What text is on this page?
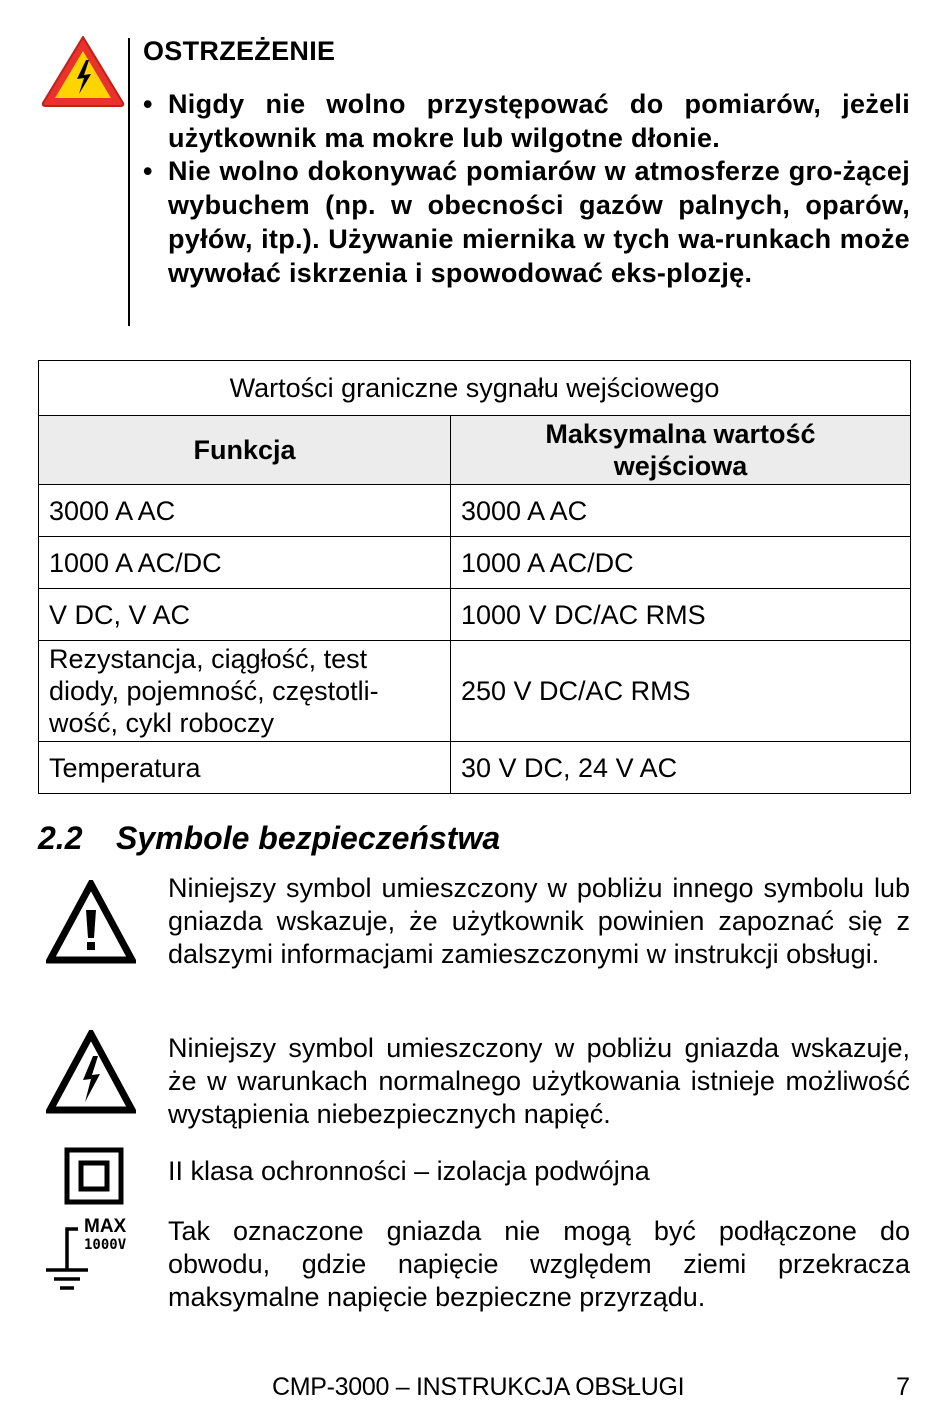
OSTRZEŻENIE
• Nigdy nie wolno przystępować do pomiarów, jeżeli użytkownik ma mokre lub wilgotne dłonie.
• Nie wolno dokonywać pomiarów w atmosferze gro-żącej wybuchem (np. w obecności gazów palnych, oparów, pyłów, itp.). Używanie miernika w tych wa-runkach może wywołać iskrzenia i spowodować eks-plozję.
Wartości graniczne sygnału wejściowego	
Funkcja	Maksymalna wartość
wejściowa
3000 A AC	3000 A AC
1000 A AC/DC	1000 A AC/DC
V DC, V AC	1000 V DC/AC RMS
Rezystancja, ciągłość, test diody, pojemność, częstotli-wość, cykl roboczy	250 V DC/AC RMS
Temperatura	30 V DC, 24 V AC
2.2 Symbole bezpieczeństwa
Niniejszy symbol umieszczony w pobliżu innego symbolu lub gniazda wskazuje, że użytkownik powinien zapoznać się z dalszymi informacjami zamieszczonymi w instrukcji obsługi.
Niniejszy symbol umieszczony w pobliżu gniazda wskazuje, że w warunkach normalnego użytkowania istnieje możliwość wystąpienia niebezpiecznych napięć.
II klasa ochronności – izolacja podwójna
MAX
1000V Tak oznaczone gniazda nie mogą być podłączone do obwodu, gdzie napięcie względem ziemi przekracza maksymalne napięcie bezpieczne przyrządu.
CMP-3000 – INSTRUKCJA OBSŁUGI	7
